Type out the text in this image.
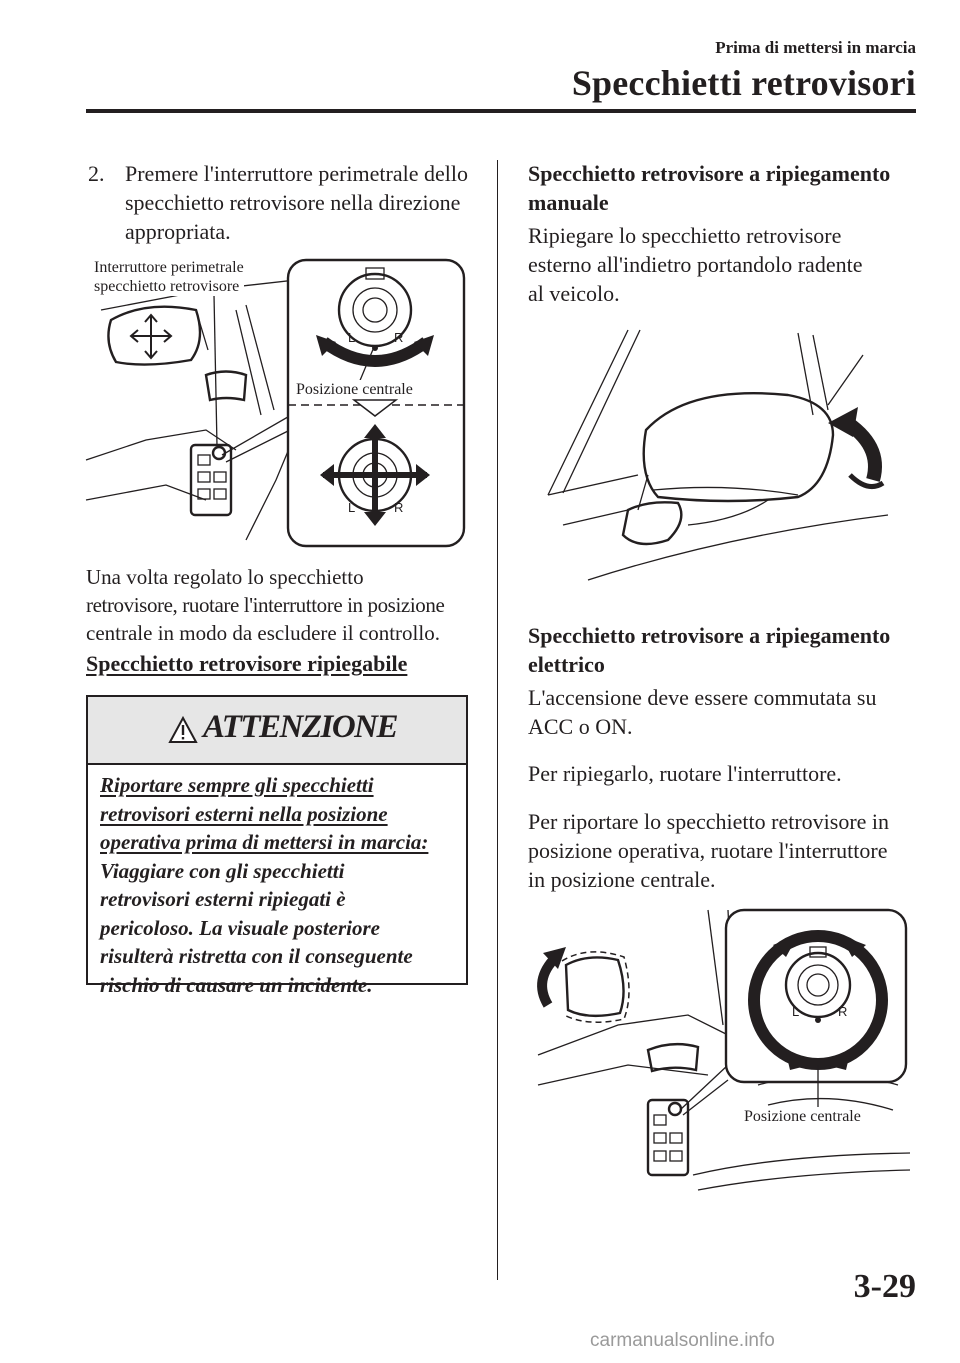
Prima di mettersi in marcia
Specchietti retrovisori
2. Premere l'interruttore perimetrale dello
specchietto retrovisore nella direzione
appropriata.
L	R
L	R
Interruttore perimetrale
specchietto retrovisore
Posizione centrale
Una volta regolato lo specchietto
retrovisore, ruotare l'interruttore in posizione
centrale in modo da escludere il controllo.
Specchietto retrovisore ripiegabile
ATTENZIONE
Riportare sempre gli specchietti
retrovisori esterni nella posizione
operativa prima di mettersi in marcia:
Viaggiare con gli specchietti
retrovisori esterni ripiegati è
pericoloso. La visuale posteriore
risulterà ristretta con il conseguente
rischio di causare un incidente.
Specchietto retrovisore a ripiegamento
manuale
Ripiegare lo specchietto retrovisore
esterno all'indietro portandolo radente
al veicolo.
Specchietto retrovisore a ripiegamento
elettrico
L'accensione deve essere commutata su
ACC o ON.
Per ripiegarlo, ruotare l'interruttore.
Per riportare lo specchietto retrovisore in
posizione operativa, ruotare l'interruttore
in posizione centrale.
L	R
Posizione centrale
3-29
carmanualsonline.info
